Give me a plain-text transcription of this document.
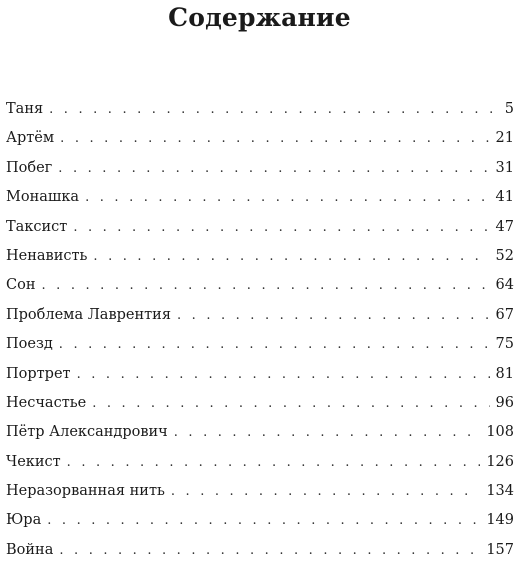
Содержание
Таня . . .	5
Артём . . .	21
Побег . . .	31
Монашка . . .	41
Таксист . . .	47
Ненависть . . .	52
Сон . . .	64
Проблема Лаврентия . . .	67
Поезд . . .	75
Портрет . . .	81
Несчастье . . .	96
Пётр Александрович . . .	108
Чекист . . .	126
Неразорванная нить . . .	134
Юра . . .	149
Война . . .	157
